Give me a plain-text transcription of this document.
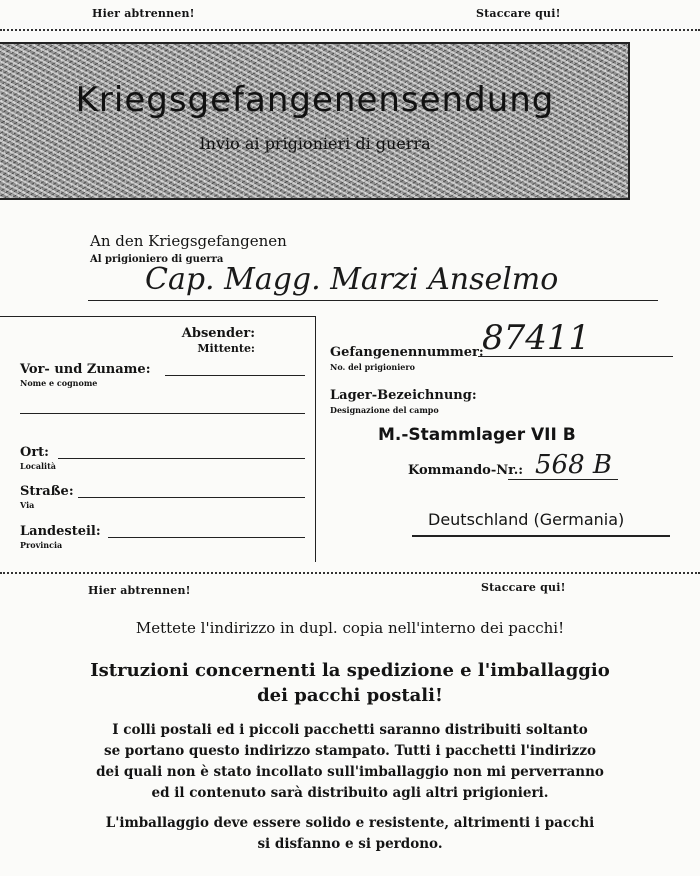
Hier abtrennen!	Staccare qui!
Kriegsgefangenensendung
Invio ai prigionieri di guerra
An den Kriegsgefangenen
Al prigioniero di guerra
Cap. Magg. Marzi Anselmo
Absender:
Mittente:
Vor- und Zuname:
Nome e cognome
Ort:
Località
Straße:
Via
Landesteil:
Provincia
Gefangenennummer:
No. del prigioniero
87411
Lager-Bezeichnung:
Designazione del campo
M.-Stammlager VII B
Kommando-Nr.: 568 B
Deutschland (Germania)
Hier abtrennen!	Staccare qui!
Mettete l'indirizzo in dupl. copia nell'interno dei pacchi!
Istruzioni concernenti la spedizione e l'imballaggio
dei pacchi postali!
I colli postali ed i piccoli pacchetti saranno distribuiti soltanto
se portano questo indirizzo stampato. Tutti i pacchetti l'indirizzo
dei quali non è stato incollato sull'imballaggio non mi perverranno
ed il contenuto sarà distribuito agli altri prigionieri.
L'imballaggio deve essere solido e resistente, altrimenti i pacchi
si disfanno e si perdono.
